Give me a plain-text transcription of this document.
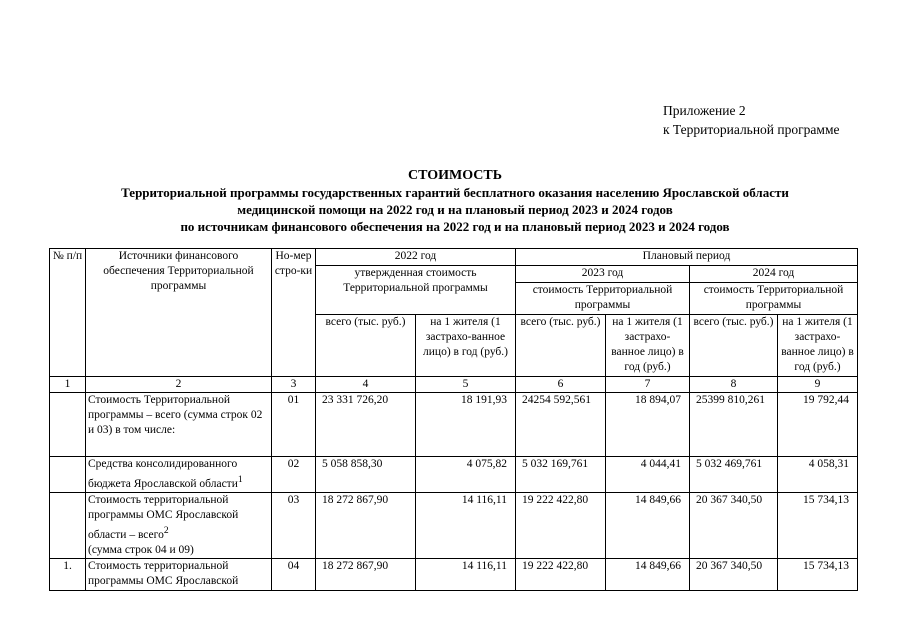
Приложение 2
к Территориальной программе
СТОИМОСТЬ
Территориальной программы государственных гарантий бесплатного оказания населению Ярославской области
медицинской помощи на 2022 год и на плановый период 2023 и 2024 годов
по источникам финансового обеспечения на 2022 год и на плановый период 2023 и 2024 годов
№ п/п	Источники финансового обеспечения Территориальной программы	Но-мер стро-ки	2022 год		Плановый период			
			утвержденная стоимость Территориальной программы		2023 год		2024 год	
					стоимость Территориальной программы		стоимость Территориальной программы	
			всего (тыс. руб.)	на 1 жителя (1 застрахо-ванное лицо) в год (руб.)	всего (тыс. руб.)	на 1 жителя (1 застрахо-ванное лицо) в год (руб.)	всего (тыс. руб.)	на 1 жителя (1 застрахо-ванное лицо) в год (руб.)
1	2	3	4	5	6	7	8	9
	Стоимость Территориальной программы – всего (сумма строк 02 и 03) в том числе:	01	23 331 726,20	18 191,93	24254 592,561	18 894,07	25399 810,261	19 792,44
	Средства консолидированного бюджета Ярославской области$^1$	02	5 058 858,30	4 075,82	5 032 169,761	4 044,41	5 032 469,761	4 058,31
	Стоимость территориальной программы ОМС Ярославской области – всего$^2$
(сумма строк 04 и 09)	03	18 272 867,90	14 116,11	19 222 422,80	14 849,66	20 367 340,50	15 734,13
1.	Стоимость территориальной программы ОМС Ярославской	04	18 272 867,90	14 116,11	19 222 422,80	14 849,66	20 367 340,50	15 734,13
